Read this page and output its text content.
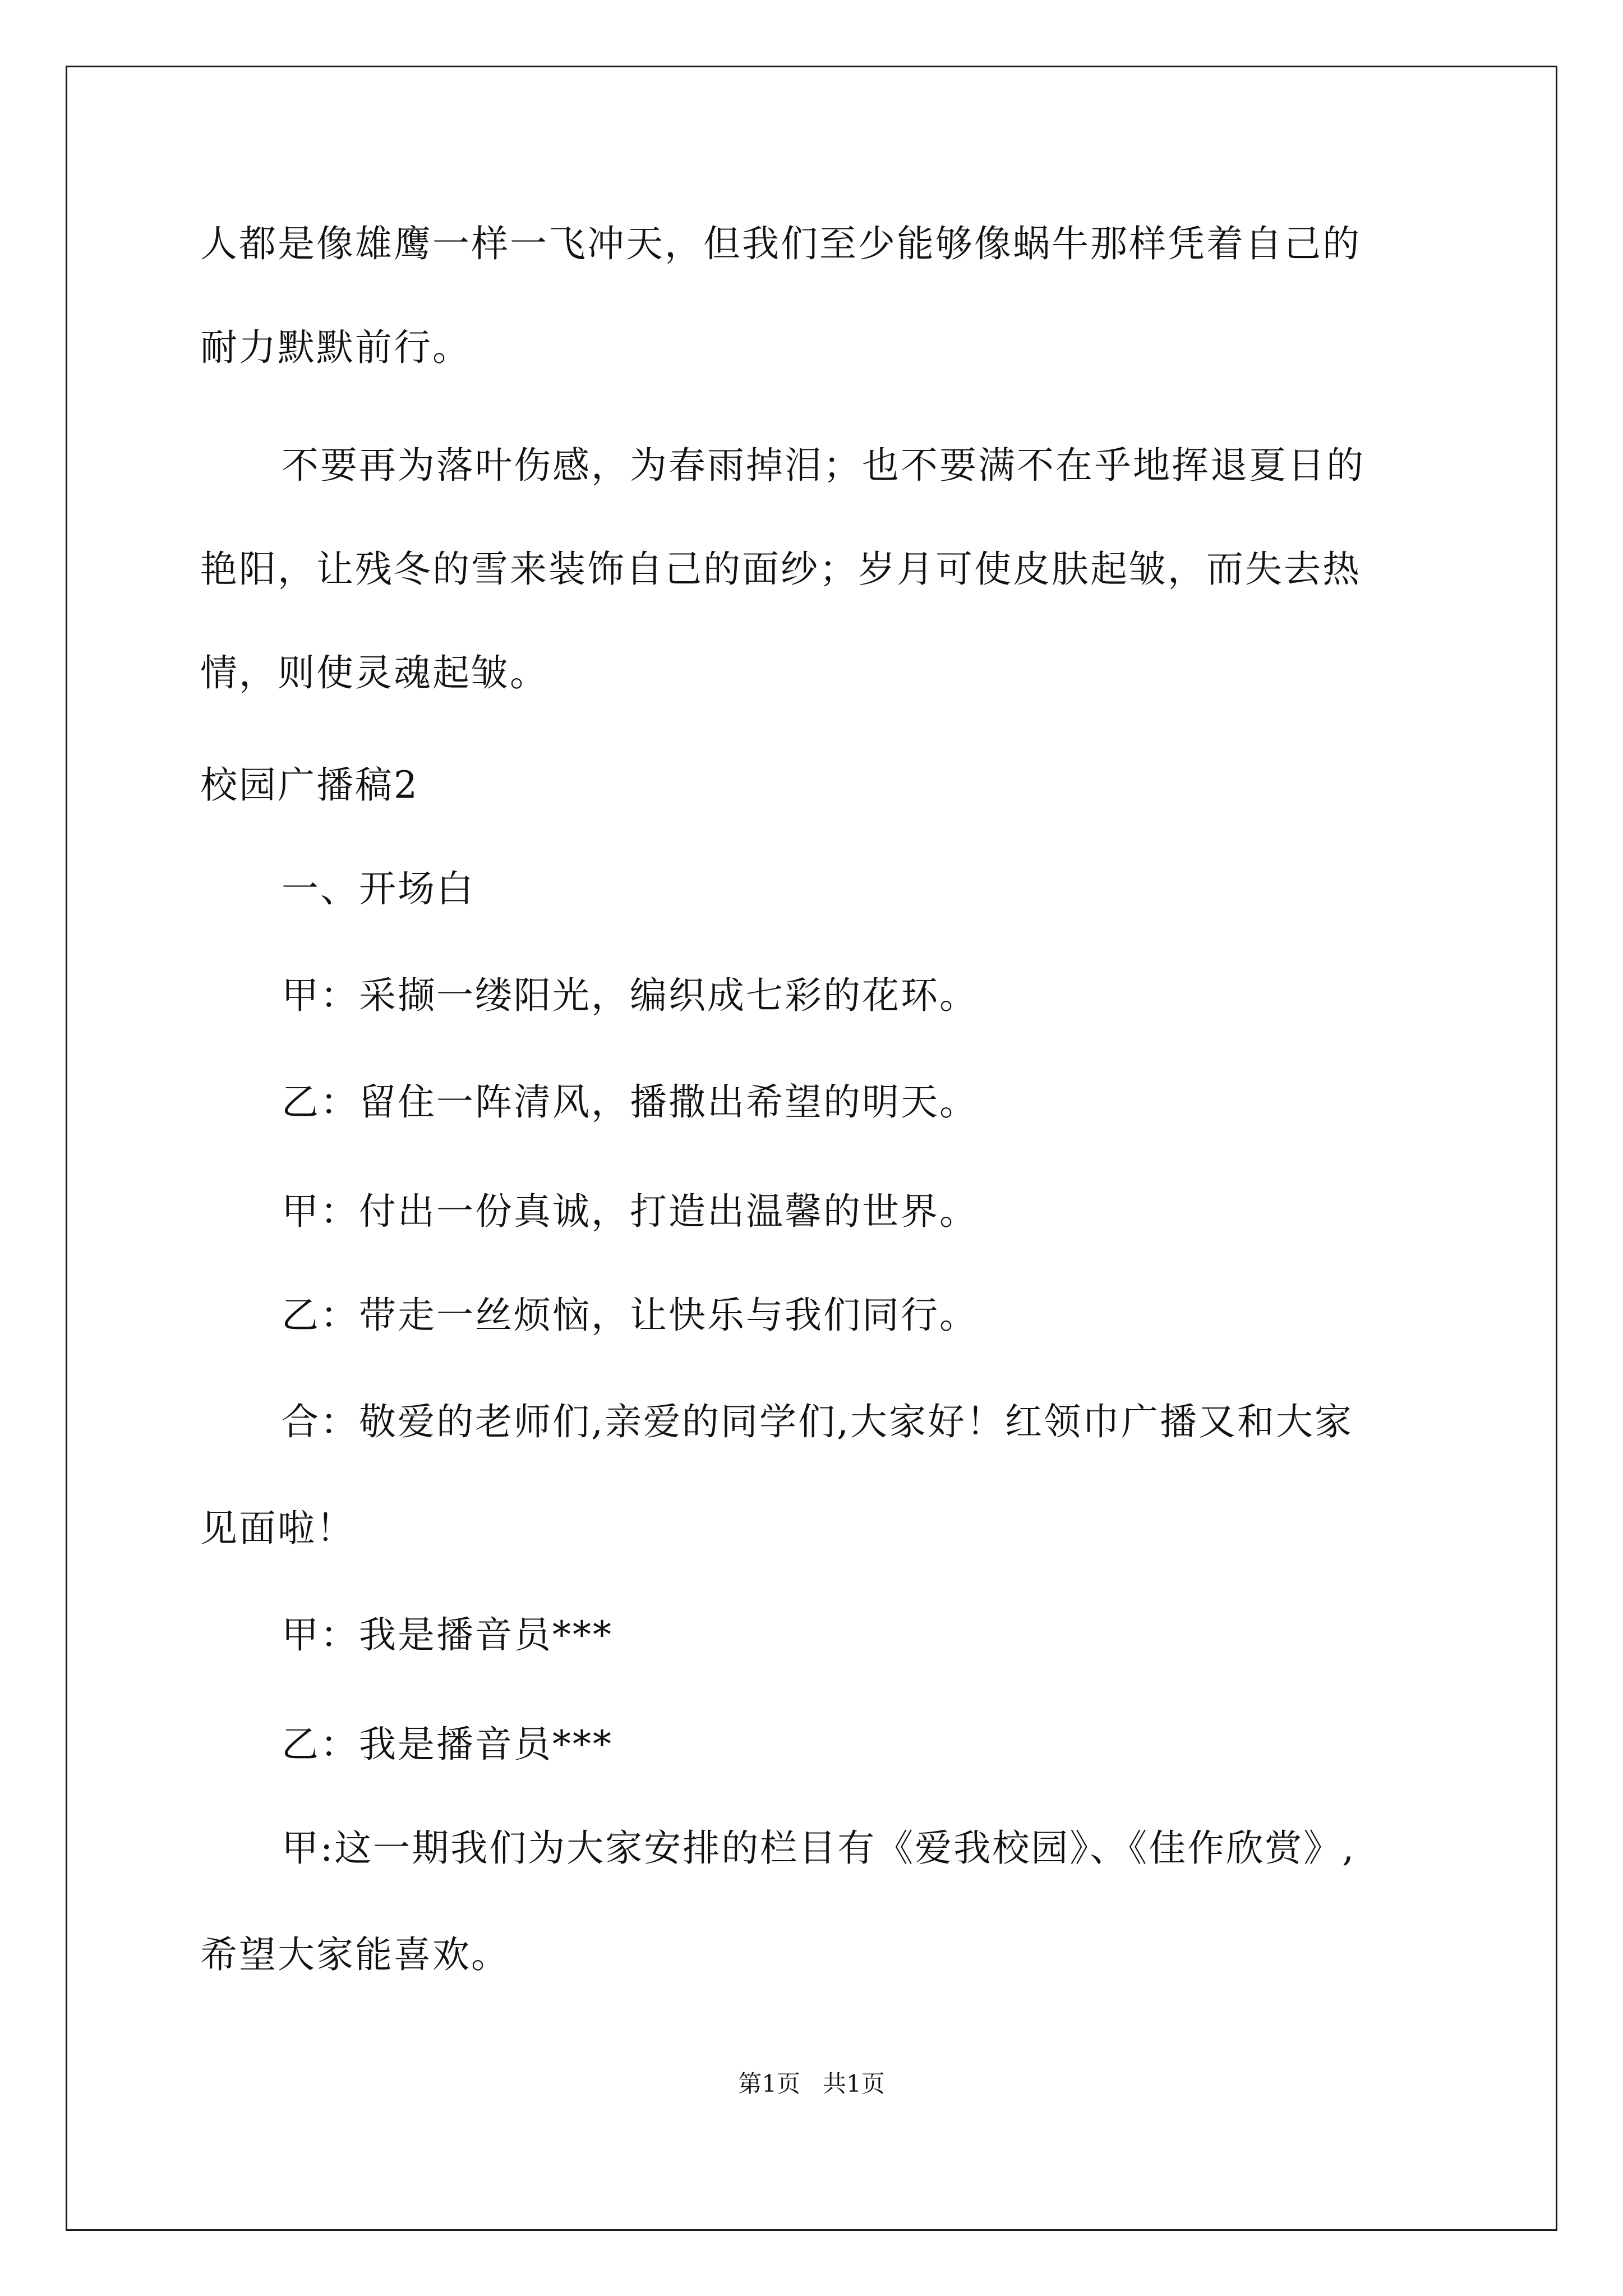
人都是像雄鹰一样一飞冲天，但我们至少能够像蜗牛那样凭着自己的
耐力默默前行。
不要再为落叶伤感，为春雨掉泪；也不要满不在乎地挥退夏日的
艳阳，让残冬的雪来装饰自己的面纱；岁月可使皮肤起皱，而失去热
情，则使灵魂起皱。
校园广播稿2
一、开场白
甲：采撷一缕阳光，编织成七彩的花环。
乙：留住一阵清风，播撒出希望的明天。
甲：付出一份真诚，打造出温馨的世界。
乙：带走一丝烦恼，让快乐与我们同行。
合：敬爱的老师们,亲爱的同学们,大家好！红领巾广播又和大家
见面啦！
甲：我是播音员***
乙：我是播音员***
甲:这一期我们为大家安排的栏目有《爱我校园》、《佳作欣赏》,
希望大家能喜欢。
第1页   共1页
